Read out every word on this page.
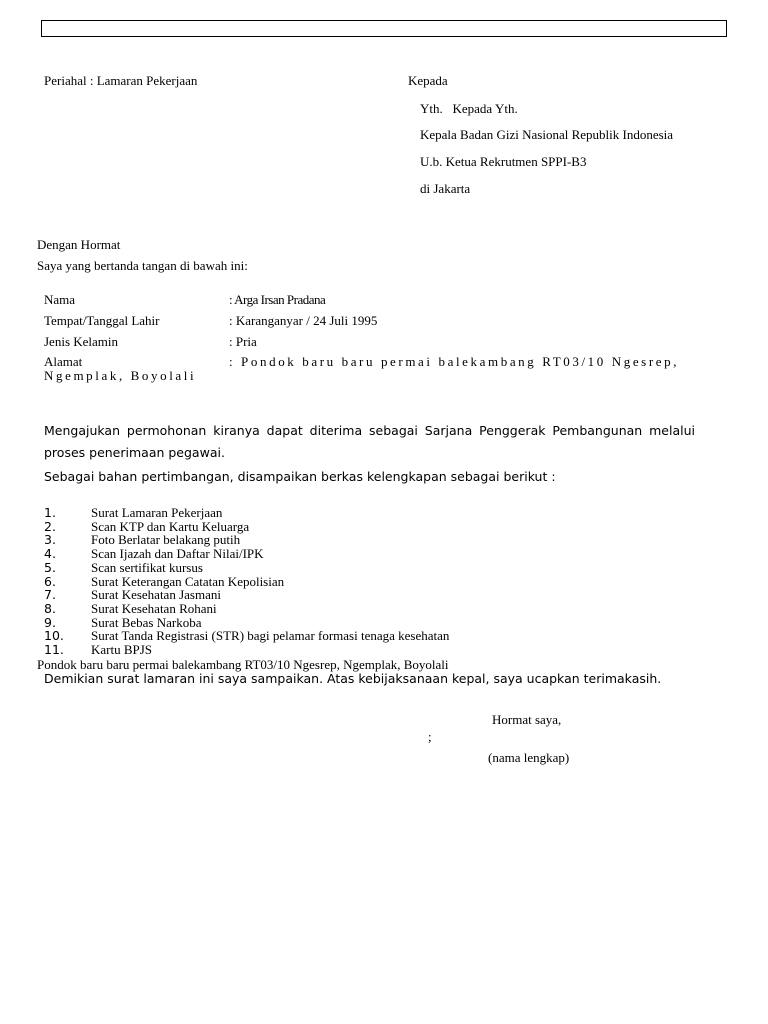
Periahal : Lamaran Pekerjaan	Kepada
Yth.   Kepada Yth.
Kepala Badan Gizi Nasional Republik Indonesia
U.b. Ketua Rekrutmen SPPI-B3
di Jakarta
Dengan Hormat
Saya yang bertanda tangan di bawah ini:
Nama	: Arga Irsan Pradana
Tempat/Tanggal Lahir	: Karanganyar / 24 Juli 1995
Jenis Kelamin	: Pria
Alamat	: Pondok baru baru permai balekambang RT03/10 Ngesrep,
Ngemplak, Boyolali
Mengajukan permohonan kiranya dapat diterima sebagai Sarjana Penggerak Pembangunan melalui proses penerimaan pegawai.
Sebagai bahan pertimbangan, disampaikan berkas kelengkapan sebagai berikut :
1.	Surat Lamaran Pekerjaan
2.	Scan KTP dan Kartu Keluarga
3.	Foto Berlatar belakang putih
4.	Scan Ijazah dan Daftar Nilai/IPK
5.	Scan sertifikat kursus
6.	Surat Keterangan Catatan Kepolisian
7.	Surat Kesehatan Jasmani
8.	Surat Kesehatan Rohani
9.	Surat Bebas Narkoba
10. Surat Tanda Registrasi (STR) bagi pelamar formasi tenaga kesehatan
11. Kartu BPJS
Pondok baru baru permai balekambang RT03/10 Ngesrep, Ngemplak, Boyolali
Demikian surat lamaran ini saya sampaikan. Atas kebijaksanaan kepal, saya ucapkan terimakasih.
Hormat saya,
;
(nama lengkap)
